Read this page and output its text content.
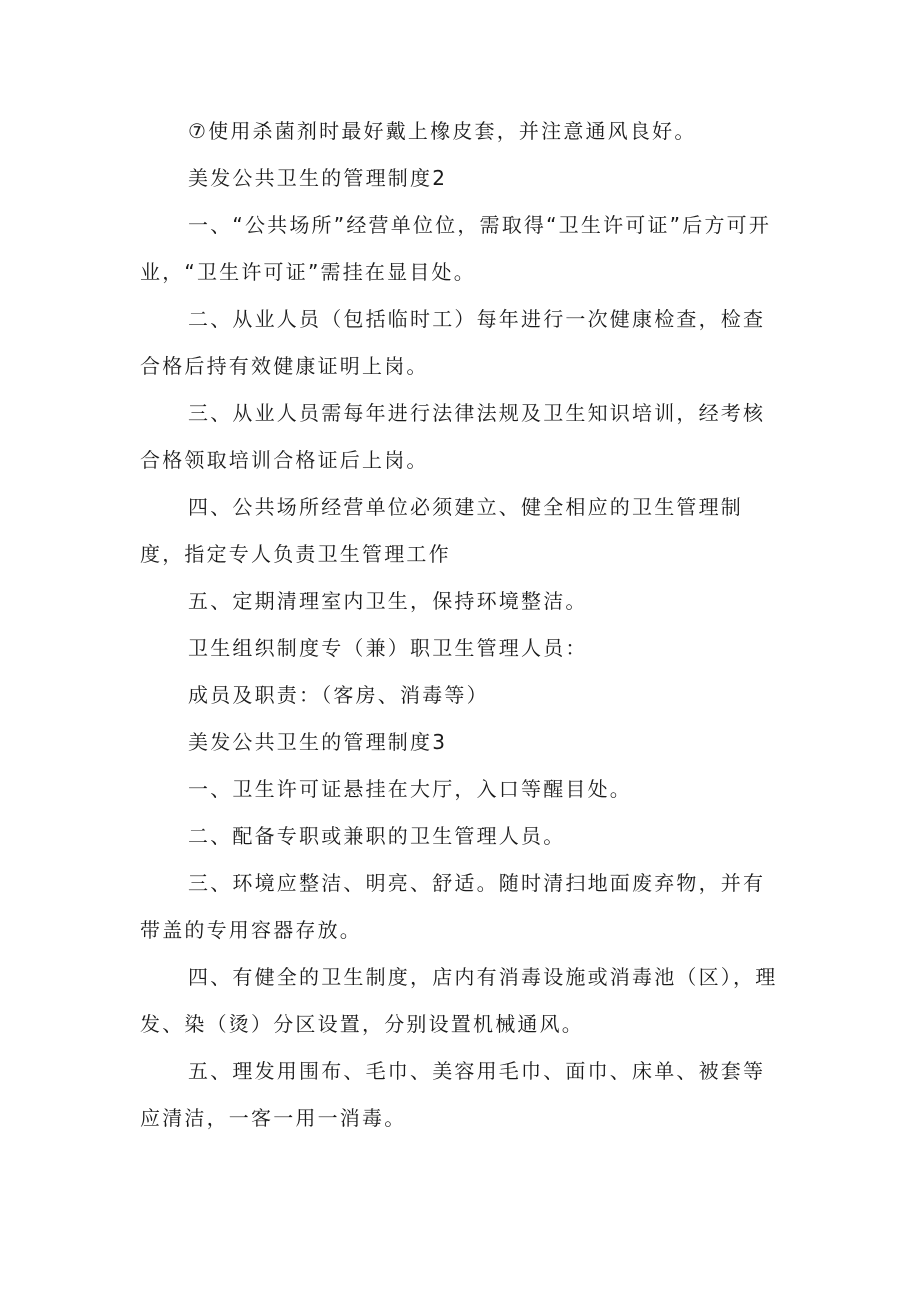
⑦使用杀菌剂时最好戴上橡皮套，并注意通风良好。

美发公共卫生的管理制度2

一、“公共场所”经营单位位，需取得“卫生许可证”后方可开业，“卫生许可证”需挂在显目处。

二、从业人员（包括临时工）每年进行一次健康检查，检查合格后持有效健康证明上岗。

三、从业人员需每年进行法律法规及卫生知识培训，经考核合格领取培训合格证后上岗。

四、公共场所经营单位必须建立、健全相应的卫生管理制度，指定专人负责卫生管理工作

五、定期清理室内卫生，保持环境整洁。

卫生组织制度专（兼）职卫生管理人员：

成员及职责：（客房、消毒等）

美发公共卫生的管理制度3

一、卫生许可证悬挂在大厅，入口等醒目处。

二、配备专职或兼职的卫生管理人员。

三、环境应整洁、明亮、舒适。随时清扫地面废弃物，并有带盖的专用容器存放。

四、有健全的卫生制度，店内有消毒设施或消毒池（区），理发、染（烫）分区设置，分别设置机械通风。

五、理发用围布、毛巾、美容用毛巾、面巾、床单、被套等应清洁，一客一用一消毒。
